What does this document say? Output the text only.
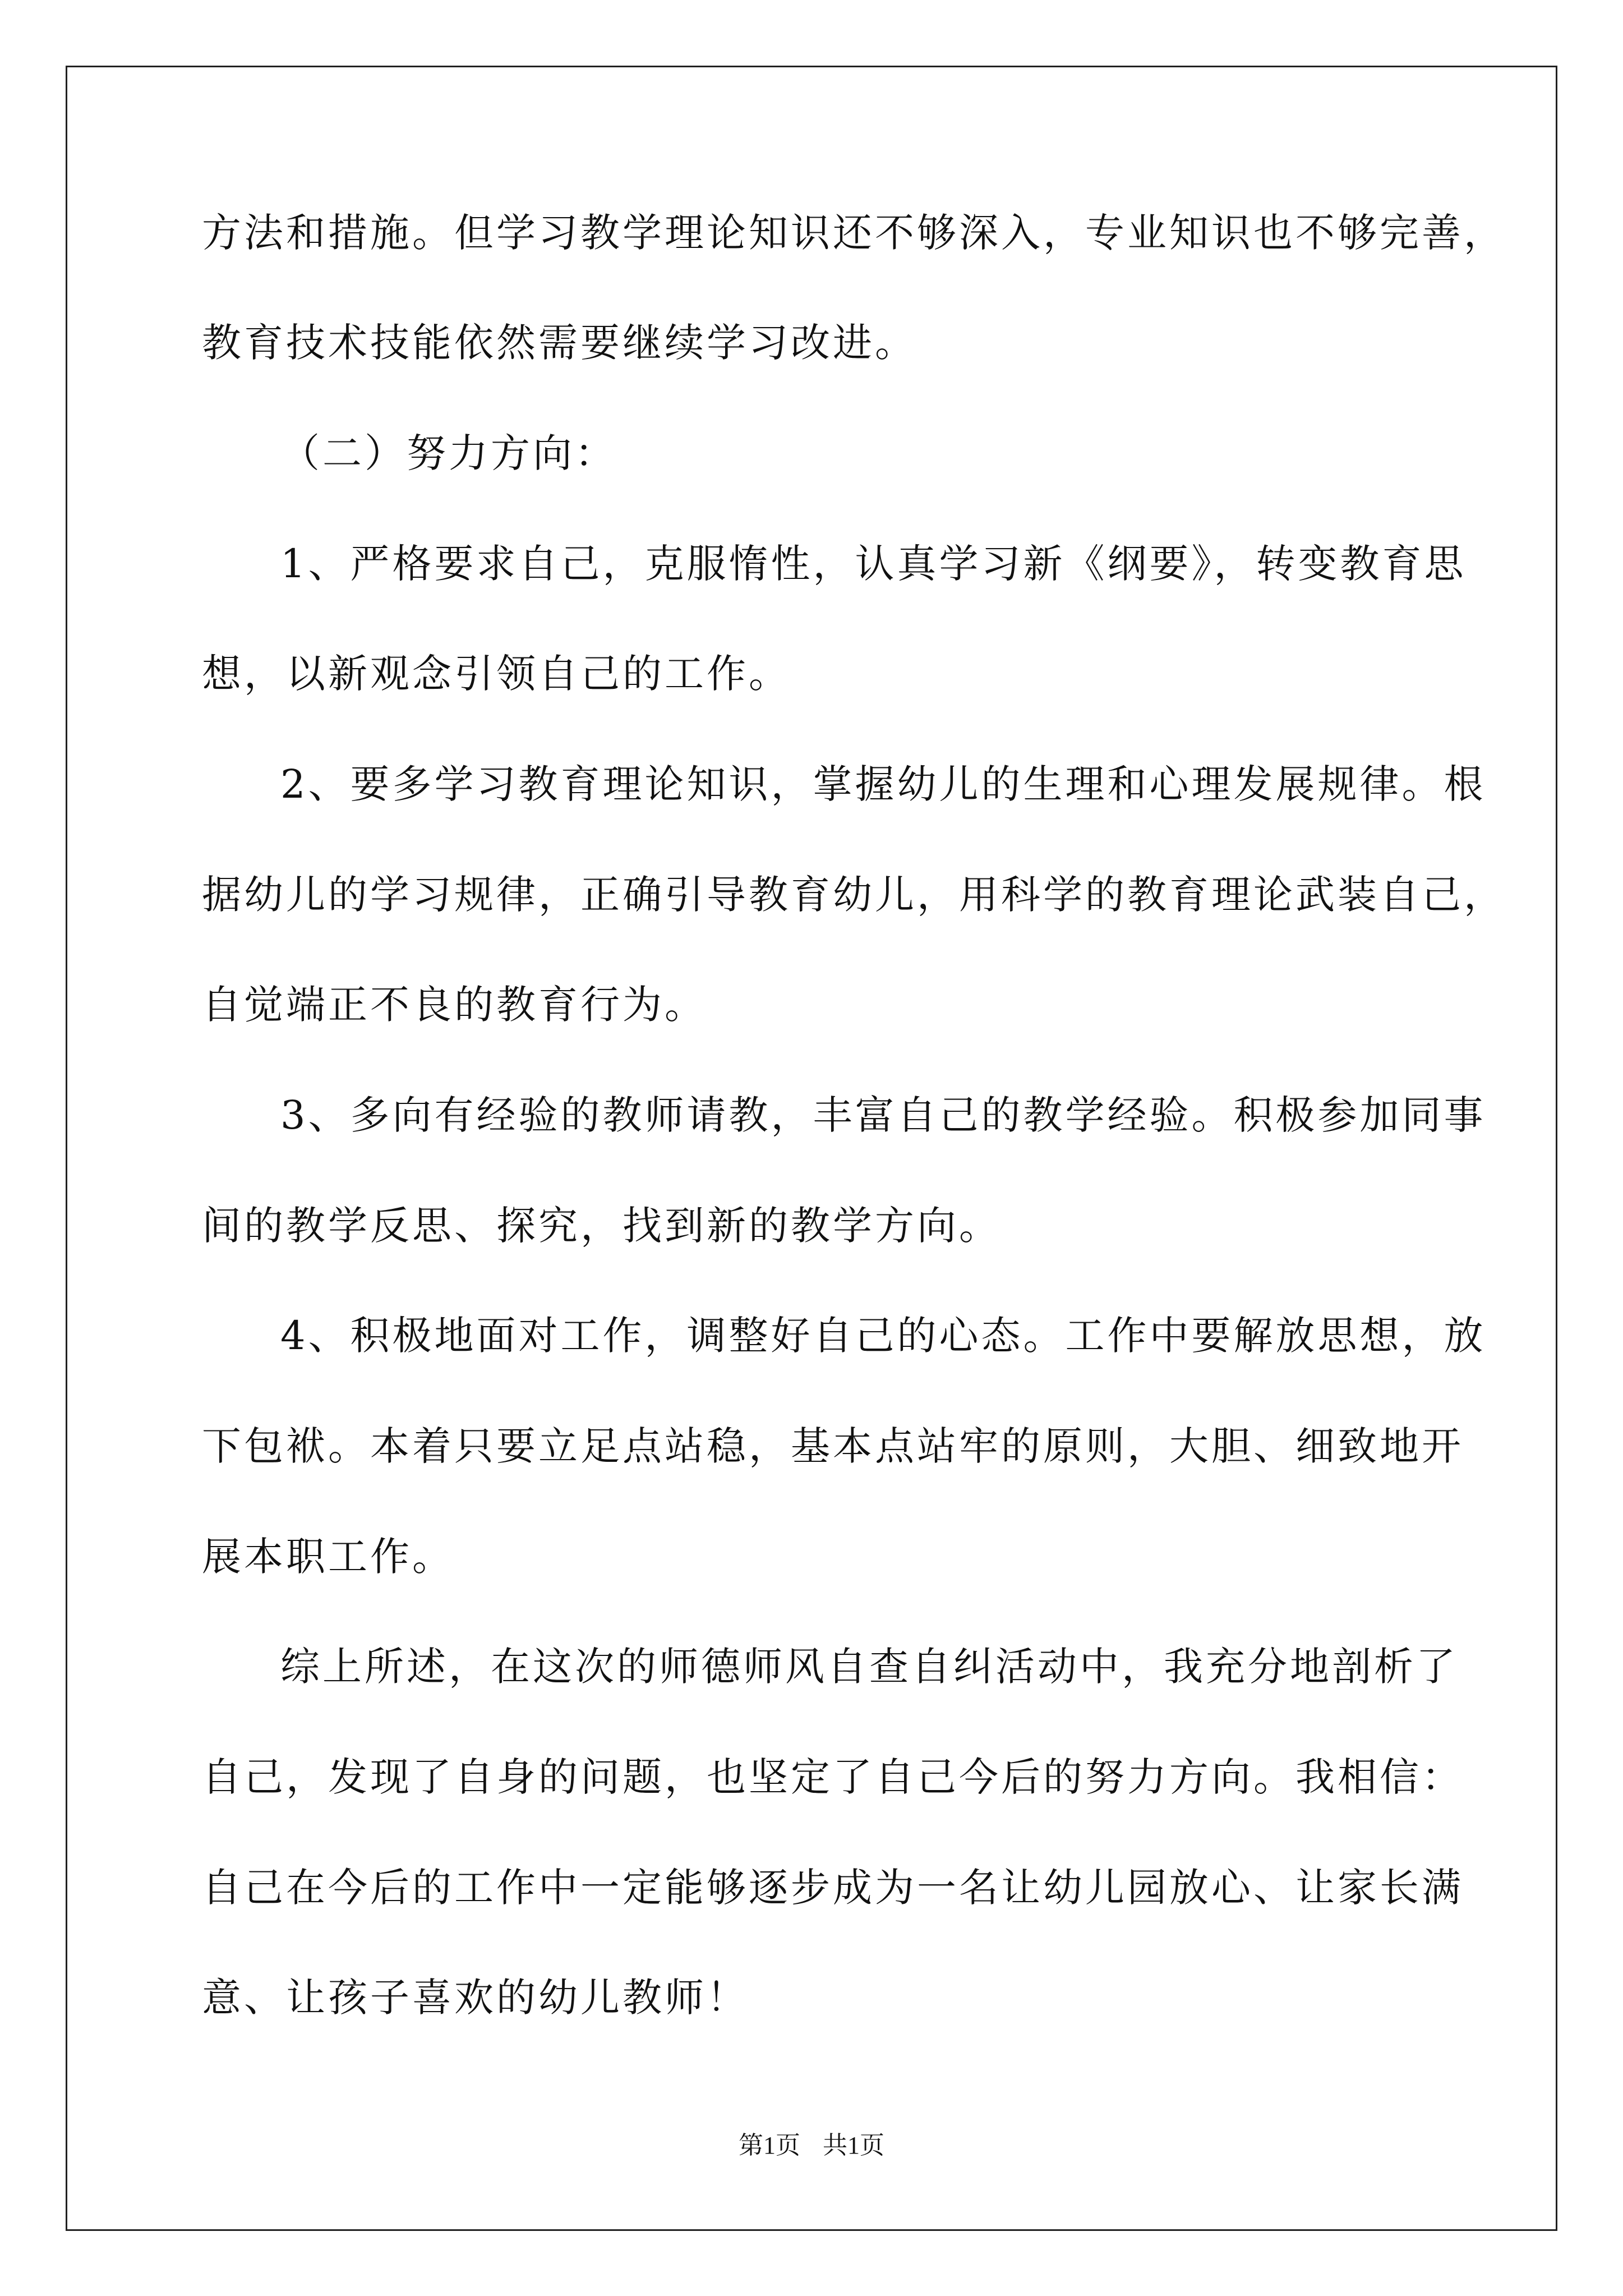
方法和措施。但学习教学理论知识还不够深入，专业知识也不够完善，
教育技术技能依然需要继续学习改进。
（二）努力方向：
1、严格要求自己，克服惰性，认真学习新《纲要》，转变教育思
想，以新观念引领自己的工作。
2、要多学习教育理论知识，掌握幼儿的生理和心理发展规律。根
据幼儿的学习规律，正确引导教育幼儿，用科学的教育理论武装自己，
自觉端正不良的教育行为。
3、多向有经验的教师请教，丰富自己的教学经验。积极参加同事
间的教学反思、探究，找到新的教学方向。
4、积极地面对工作，调整好自己的心态。工作中要解放思想，放
下包袱。本着只要立足点站稳，基本点站牢的原则，大胆、细致地开
展本职工作。
综上所述，在这次的师德师风自查自纠活动中，我充分地剖析了
自己，发现了自身的问题，也坚定了自己今后的努力方向。我相信：
自己在今后的工作中一定能够逐步成为一名让幼儿园放心、让家长满
意、让孩子喜欢的幼儿教师！
第1页 共1页
